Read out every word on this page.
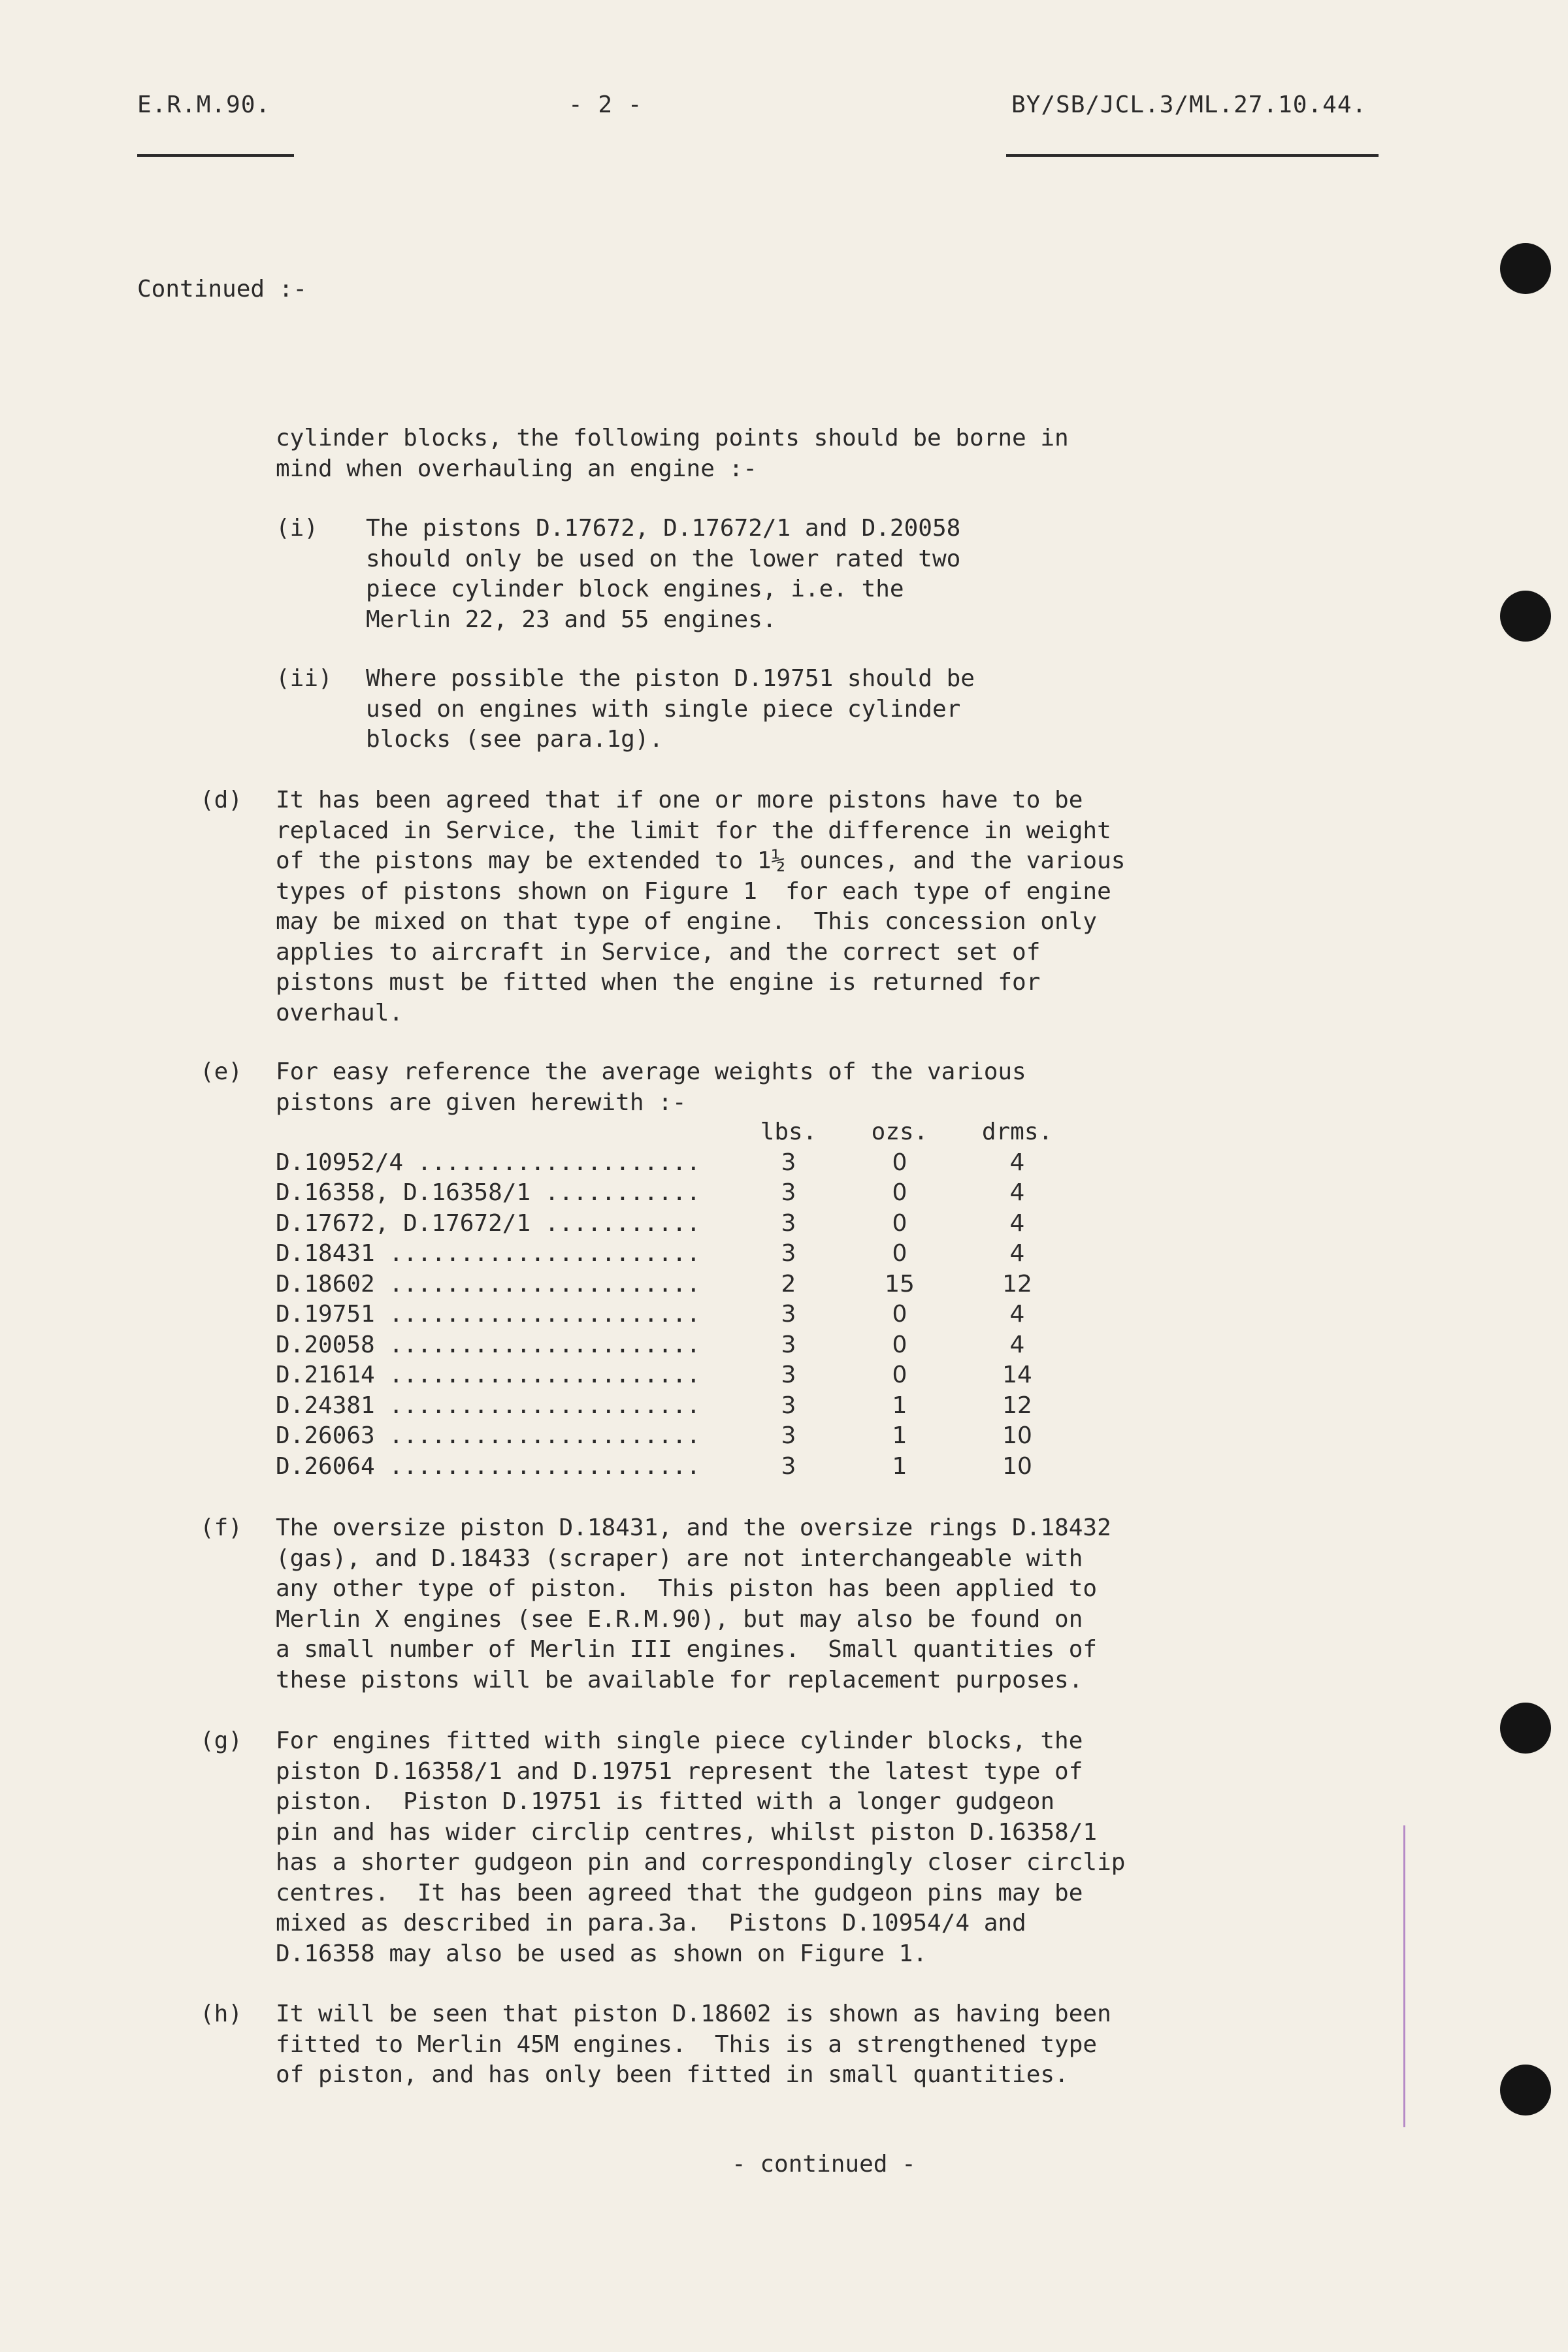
E.R.M.90.	- 2 -	BY/SB/JCL.3/ML.27.10.44.
Continued :-
cylinder blocks, the following points should be borne in
mind when overhauling an engine :-
(i) The pistons D.17672, D.17672/1 and D.20058
should only be used on the lower rated two
piece cylinder block engines, i.e. the
Merlin 22, 23 and 55 engines.
(ii) Where possible the piston D.19751 should be
used on engines with single piece cylinder
blocks (see para.1g).
(d) It has been agreed that if one or more pistons have to be
replaced in Service, the limit for the difference in weight
of the pistons may be extended to 1½ ounces, and the various
types of pistons shown on Figure 1  for each type of engine
may be mixed on that type of engine.  This concession only
applies to aircraft in Service, and the correct set of
pistons must be fitted when the engine is returned for
overhaul.
(e) For easy reference the average weights of the various
pistons are given herewith :-
lbs.	ozs.	drms.
D.10952/4 ....................	3	0	4
D.16358, D.16358/1 ...........	3	0	4
D.17672, D.17672/1 ...........	3	0	4
D.18431 ......................	3	0	4
D.18602 ......................	2	15	12
D.19751 ......................	3	0	4
D.20058 ......................	3	0	4
D.21614 ......................	3	0	14
D.24381 ......................	3	1	12
D.26063 ......................	3	1	10
D.26064 ......................	3	1	10
(f) The oversize piston D.18431, and the oversize rings D.18432
(gas), and D.18433 (scraper) are not interchangeable with
any other type of piston.  This piston has been applied to
Merlin X engines (see E.R.M.90), but may also be found on
a small number of Merlin III engines.  Small quantities of
these pistons will be available for replacement purposes.
(g) For engines fitted with single piece cylinder blocks, the
piston D.16358/1 and D.19751 represent the latest type of
piston.  Piston D.19751 is fitted with a longer gudgeon
pin and has wider circlip centres, whilst piston D.16358/1
has a shorter gudgeon pin and correspondingly closer circlip
centres.  It has been agreed that the gudgeon pins may be
mixed as described in para.3a.  Pistons D.10954/4 and
D.16358 may also be used as shown on Figure 1.
(h) It will be seen that piston D.18602 is shown as having been
fitted to Merlin 45M engines.  This is a strengthened type
of piston, and has only been fitted in small quantities.
- continued -
